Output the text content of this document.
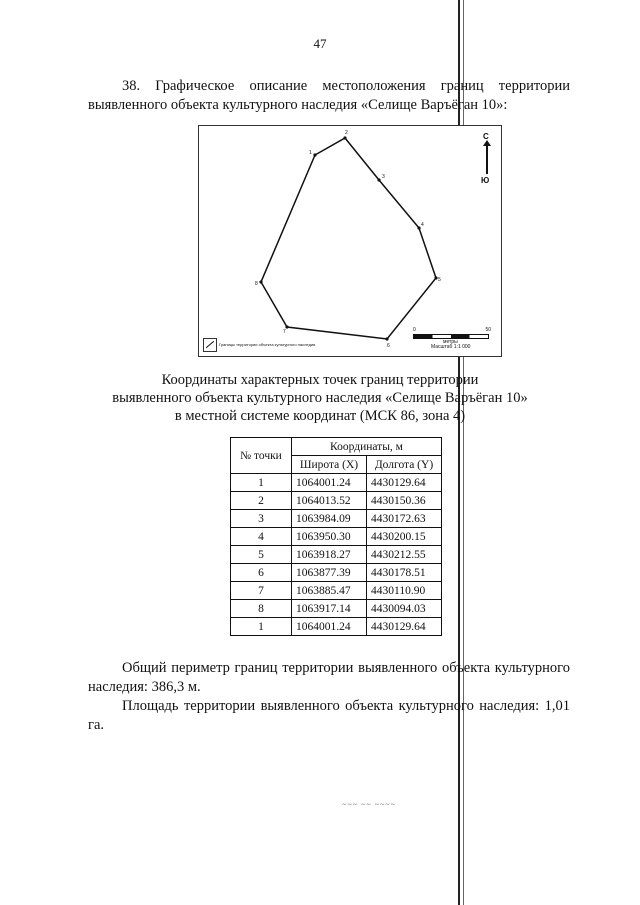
47
38. Графическое описание местоположения границ территории выявленного объекта культурного наследия «Селище Варъёган 10»:
1
2
3
4
5
6
7
8
С
Ю
Границы территории объекта культурного наследия
0	50
метры
Масштаб 1:1 000
Координаты характерных точек границ территории
выявленного объекта культурного наследия «Селище Варъёган 10»
в местной системе координат (МСК 86, зона 4)
№ точки	Координаты, м	
	Широта (X)	Долгота (Y)
1	1064001.24	4430129.64
2	1064013.52	4430150.36
3	1063984.09	4430172.63
4	1063950.30	4430200.15
5	1063918.27	4430212.55
6	1063877.39	4430178.51
7	1063885.47	4430110.90
8	1063917.14	4430094.03
1	1064001.24	4430129.64
Общий периметр границ территории выявленного объекта культурного наследия: 386,3 м.
Площадь территории выявленного объекта культурного наследия: 1,01 га.
~~~ ~~ ~~~~
